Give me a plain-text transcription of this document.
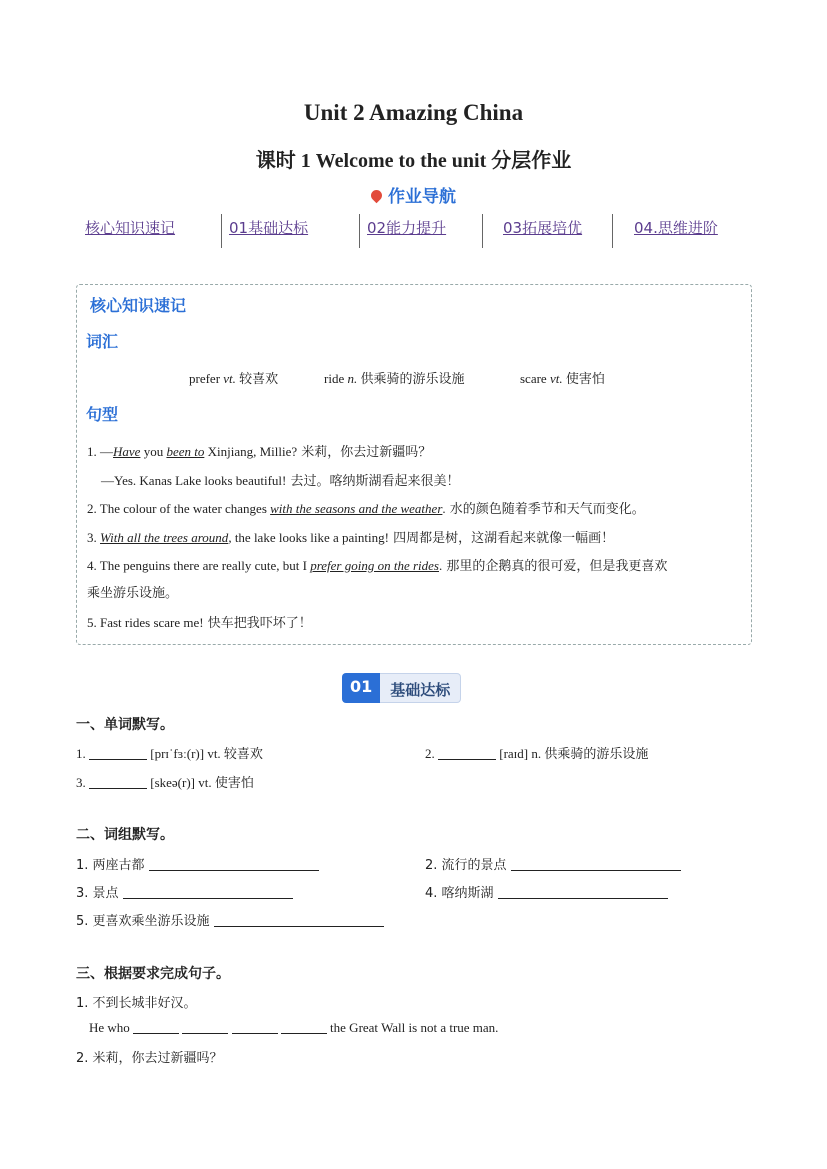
Unit 2 Amazing China
课时 1 Welcome to the unit 分层作业
作业导航
核心知识速记	01基础达标	02能力提升	03拓展培优	04.思维进阶
核心知识速记
词汇
prefer vt. 较喜欢	ride n. 供乘骑的游乐设施	scare vt. 使害怕
句型
1. —Have you been to Xinjiang, Millie? 米莉，你去过新疆吗？
—Yes. Kanas Lake looks beautiful! 去过。喀纳斯湖看起来很美！
2. The colour of the water changes with the seasons and the weather. 水的颜色随着季节和天气而变化。
3. With all the trees around, the lake looks like a painting! 四周都是树，这湖看起来就像一幅画！
4. The penguins there are really cute, but I prefer going on the rides. 那里的企鹅真的很可爱，但是我更喜欢
乘坐游乐设施。
5. Fast rides scare me! 快车把我吓坏了！
01	基础达标
一、单词默写。
1.	[prɪˈfɜː(r)] vt. 较喜欢	2.	[raɪd] n. 供乘骑的游乐设施
3.	[skeə(r)] vt. 使害怕
二、词组默写。
1. 两座古都	2. 流行的景点
3. 景点	4. 喀纳斯湖
5. 更喜欢乘坐游乐设施
三、根据要求完成句子。
1. 不到长城非好汉。
He who	the Great Wall is not a true man.
2. 米莉，你去过新疆吗？
